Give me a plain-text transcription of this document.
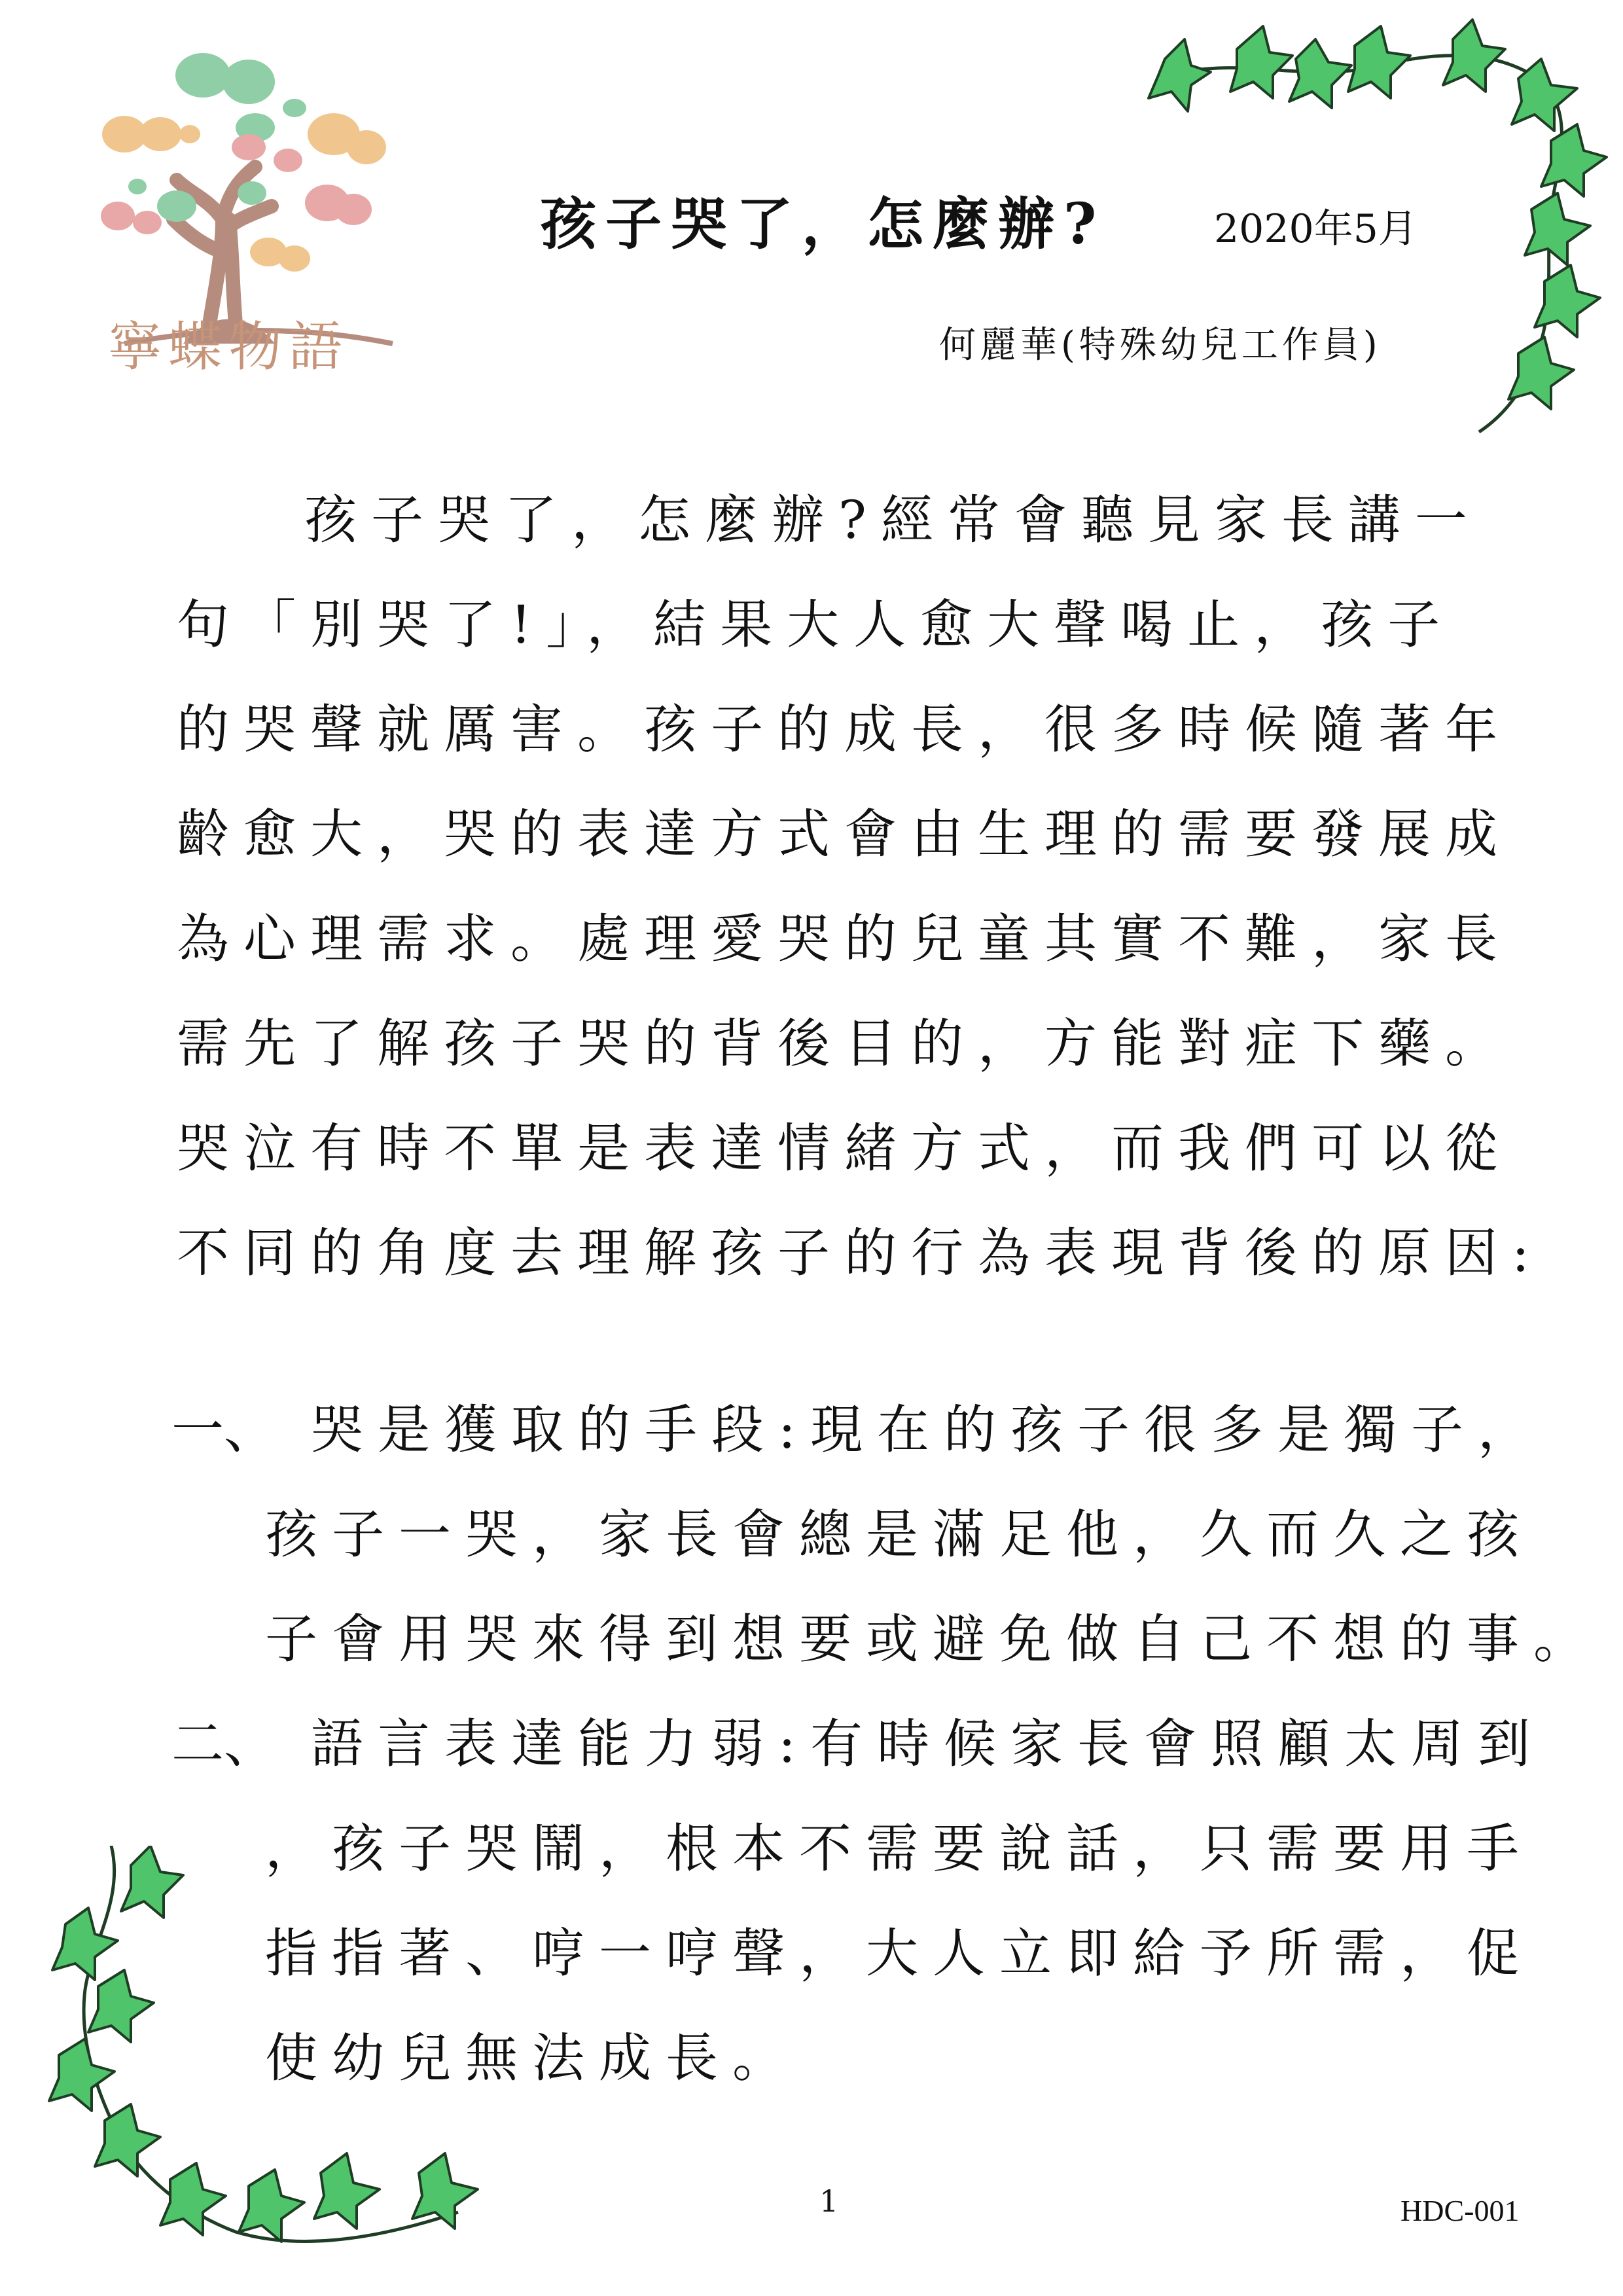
寧蝶物語
孩子哭了，怎麼辦?	2020年5月
何麗華(特殊幼兒工作員)
孩子哭了，怎麼辦?經常會聽見家長講一
句「別哭了!」，結果大人愈大聲喝止，孩子
的哭聲就厲害。孩子的成長，很多時候隨著年
齡愈大，哭的表達方式會由生理的需要發展成
為心理需求。處理愛哭的兒童其實不難，家長
需先了解孩子哭的背後目的，方能對症下藥。
哭泣有時不單是表達情緒方式，而我們可以從
不同的角度去理解孩子的行為表現背後的原因:
一、 哭是獲取的手段:現在的孩子很多是獨子，
孩子一哭，家長會總是滿足他，久而久之孩
子會用哭來得到想要或避免做自己不想的事。
二、 語言表達能力弱:有時候家長會照顧太周到
，孩子哭鬧，根本不需要說話，只需要用手
指指著、哼一哼聲，大人立即給予所需，促
使幼兒無法成長。
1	HDC-001
